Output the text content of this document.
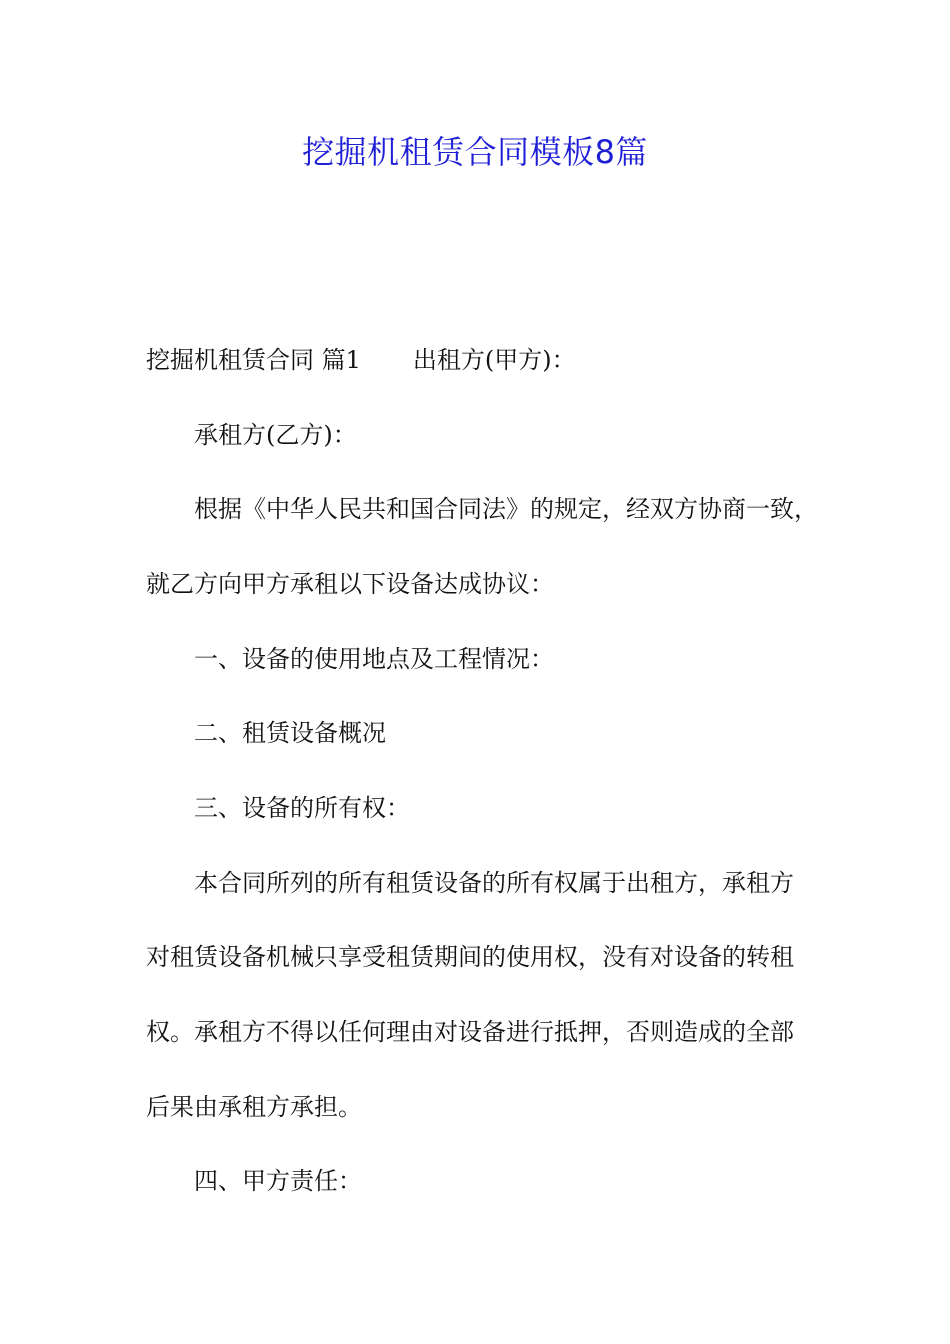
挖掘机租赁合同模板8篇

挖掘机租赁合同 篇1 出租方(甲方)：

承租方(乙方)：

根据《中华人民共和国合同法》的规定，经双方协商一致，

就乙方向甲方承租以下设备达成协议：

一、设备的使用地点及工程情况：

二、租赁设备概况

三、设备的所有权：

本合同所列的所有租赁设备的所有权属于出租方，承租方

对租赁设备机械只享受租赁期间的使用权，没有对设备的转租

权。承租方不得以任何理由对设备进行抵押，否则造成的全部

后果由承租方承担。

四、甲方责任：
